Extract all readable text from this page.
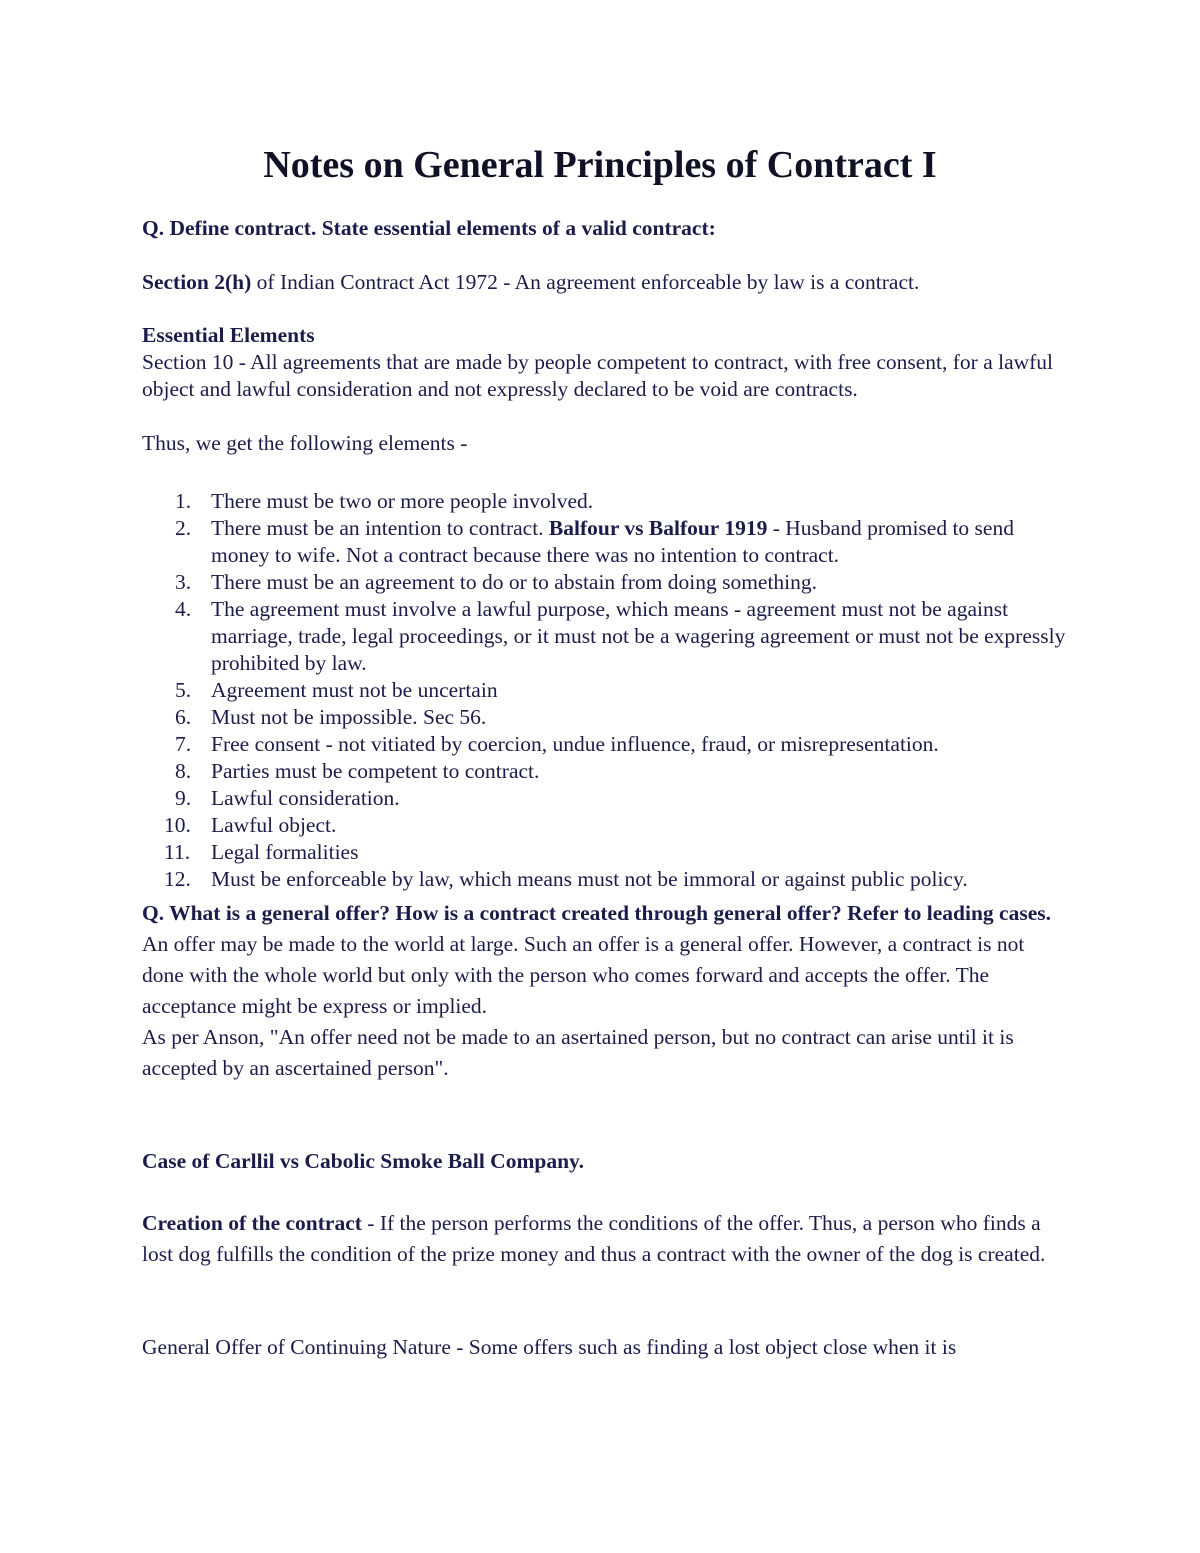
Notes on General Principles of Contract I

Q. Define contract. State essential elements of a valid contract:

Section 2(h) of Indian Contract Act 1972 - An agreement enforceable by law is a contract.

Essential Elements

Section 10 - All agreements that are made by people competent to contract, with free consent, for a lawful object and lawful consideration and not expressly declared to be void are contracts.

Thus, we get the following elements -

1. There must be two or more people involved.
2. There must be an intention to contract. Balfour vs Balfour 1919 - Husband promised to send money to wife. Not a contract because there was no intention to contract.
3. There must be an agreement to do or to abstain from doing something.
4. The agreement must involve a lawful purpose, which means - agreement must not be against marriage, trade, legal proceedings, or it must not be a wagering agreement or must not be expressly prohibited by law.
5. Agreement must not be uncertain
6. Must not be impossible. Sec 56.
7. Free consent - not vitiated by coercion, undue influence, fraud, or misrepresentation.
8. Parties must be competent to contract.
9. Lawful consideration.
10. Lawful object.
11. Legal formalities
12. Must be enforceable by law, which means must not be immoral or against public policy.

Q. What is a general offer? How is a contract created through general offer? Refer to leading cases.

An offer may be made to the world at large. Such an offer is a general offer. However, a contract is not done with the whole world but only with the person who comes forward and accepts the offer. The acceptance might be express or implied.

As per Anson, "An offer need not be made to an asertained person, but no contract can arise until it is accepted by an ascertained person".

Case of Carllil vs Cabolic Smoke Ball Company.

Creation of the contract - If the person performs the conditions of the offer. Thus, a person who finds a lost dog fulfills the condition of the prize money and thus a contract with the owner of the dog is created.

General Offer of Continuing Nature - Some offers such as finding a lost object close when it is
